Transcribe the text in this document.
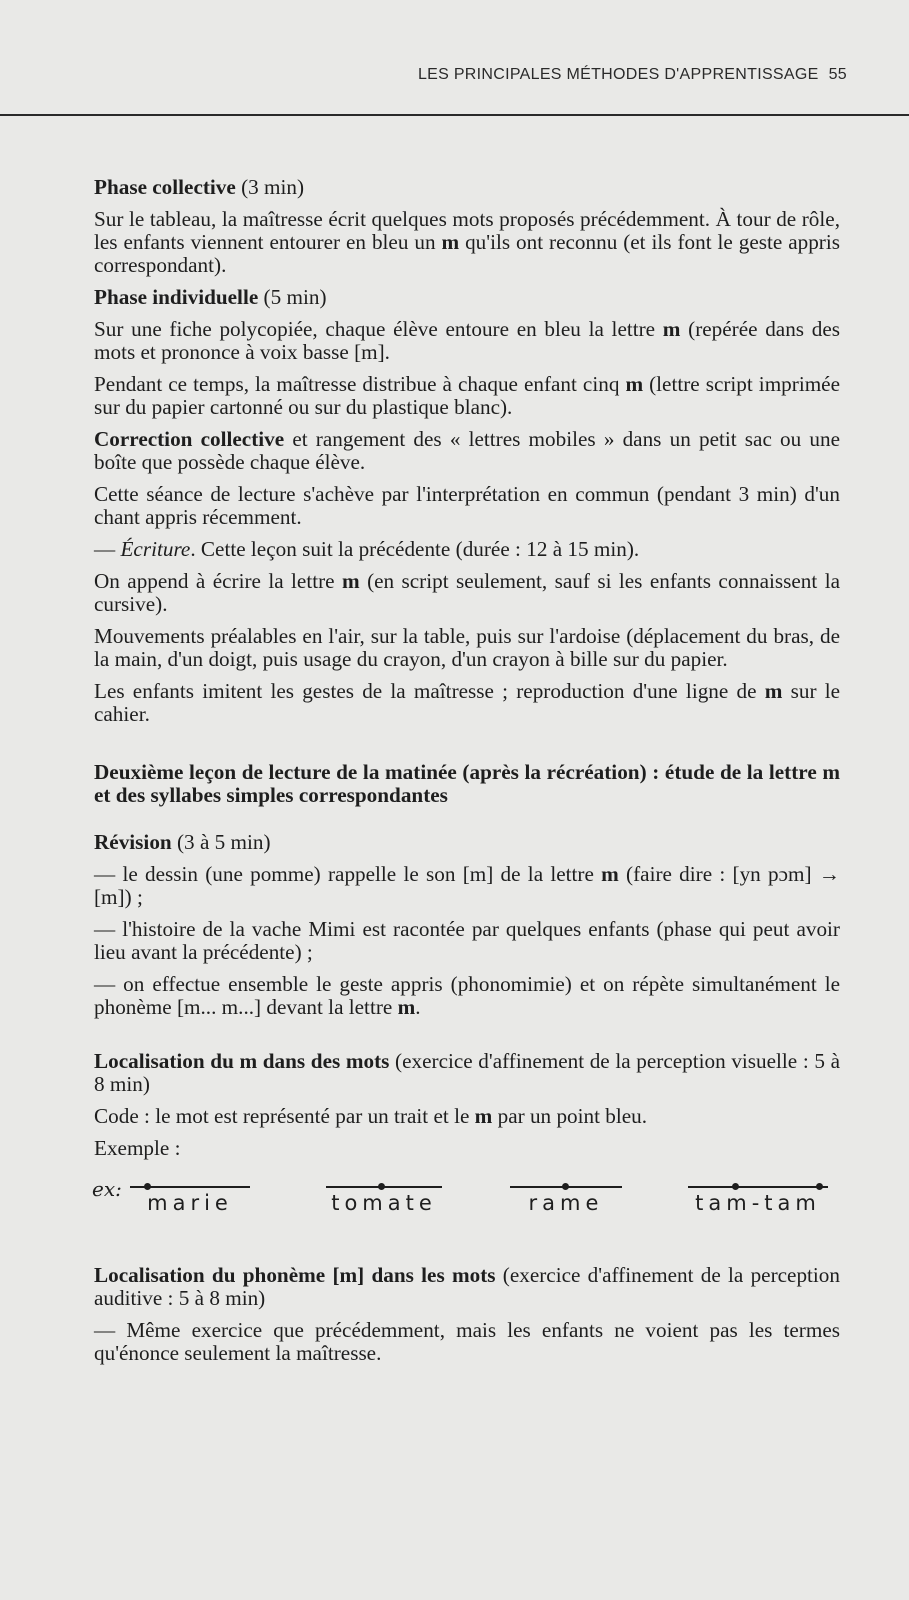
LES PRINCIPALES MÉTHODES D'APPRENTISSAGE 55

Phase collective (3 min)

Sur le tableau, la maîtresse écrit quelques mots proposés précédemment. À tour de rôle, les enfants viennent entourer en bleu un m qu'ils ont reconnu (et ils font le geste appris correspondant).

Phase individuelle (5 min)

Sur une fiche polycopiée, chaque élève entoure en bleu la lettre m (repérée dans des mots et prononce à voix basse [m].

Pendant ce temps, la maîtresse distribue à chaque enfant cinq m (lettre script imprimée sur du papier cartonné ou sur du plastique blanc).

Correction collective et rangement des « lettres mobiles » dans un petit sac ou une boîte que possède chaque élève.

Cette séance de lecture s'achève par l'interprétation en commun (pendant 3 min) d'un chant appris récemment.

— Écriture. Cette leçon suit la précédente (durée : 12 à 15 min).

On append à écrire la lettre m (en script seulement, sauf si les enfants connaissent la cursive).

Mouvements préalables en l'air, sur la table, puis sur l'ardoise (déplacement du bras, de la main, d'un doigt, puis usage du crayon, d'un crayon à bille sur du papier.

Les enfants imitent les gestes de la maîtresse ; reproduction d'une ligne de m sur le cahier.

Deuxième leçon de lecture de la matinée (après la récréation) : étude de la lettre m et des syllabes simples correspondantes

Révision (3 à 5 min)

— le dessin (une pomme) rappelle le son [m] de la lettre m (faire dire : [yn pɔm] → [m]) ;

— l'histoire de la vache Mimi est racontée par quelques enfants (phase qui peut avoir lieu avant la précédente) ;

— on effectue ensemble le geste appris (phonomimie) et on répète simultanément le phonème [m... m...] devant la lettre m.

Localisation du m dans des mots (exercice d'affinement de la perception visuelle : 5 à 8 min)

Code : le mot est représenté par un trait et le m par un point bleu.

Exemple :

ex:
marie	tomate	rame	tam-tam

Localisation du phonème [m] dans les mots (exercice d'affinement de la perception auditive : 5 à 8 min)

— Même exercice que précédemment, mais les enfants ne voient pas les termes qu'énonce seulement la maîtresse.
